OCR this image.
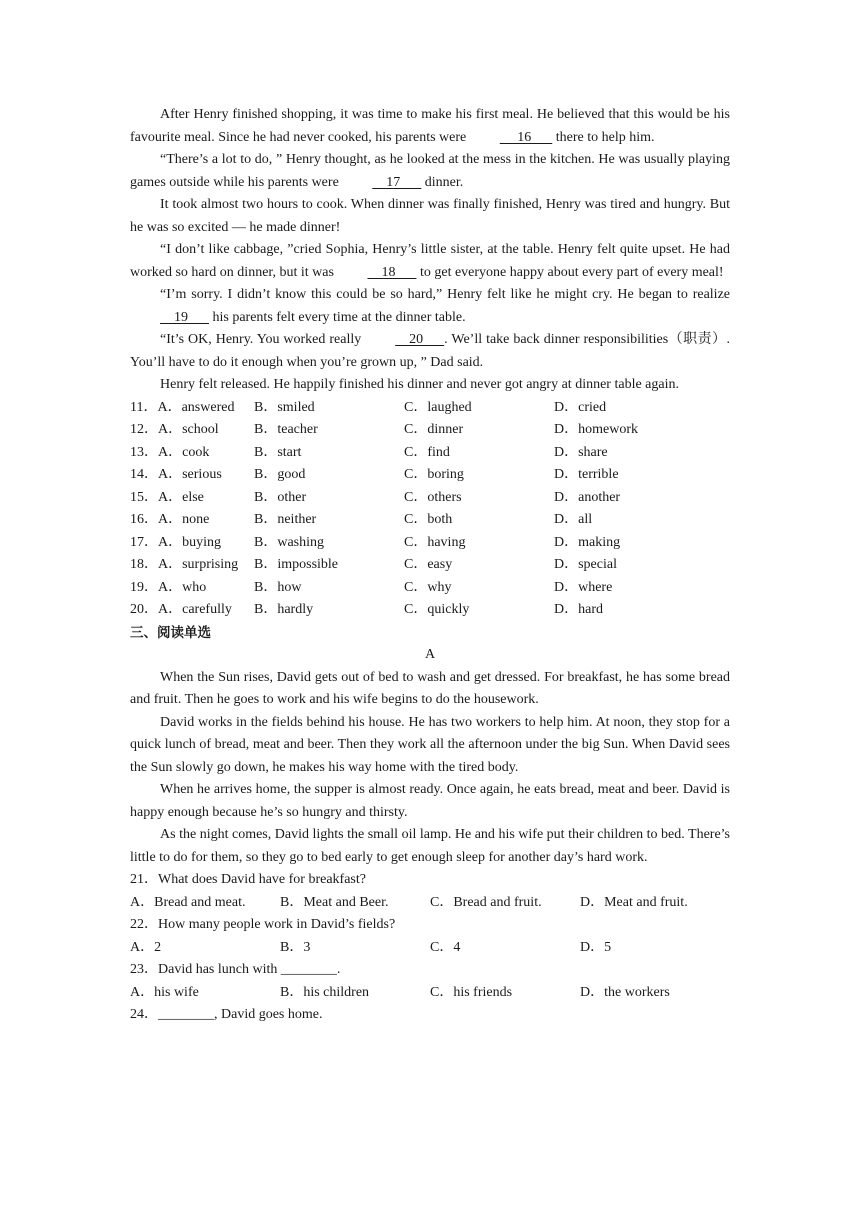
After Henry finished shopping, it was time to make his first meal. He believed that this would be his favourite meal. Since he had never cooked, his parents were      16       there to help him.

“There’s a lot to do, ” Henry thought, as he looked at the mess in the kitchen. He was usually playing games outside while his parents were     17       dinner.

It took almost two hours to cook. When dinner was finally finished, Henry was tired and hungry. But he was so excited — he made dinner!

“I don’t like cabbage, ”cried Sophia, Henry’s little sister, at the table. Henry felt quite upset. He had worked so hard on dinner, but it was     18       to get everyone happy about every part of every meal!

“I’m sorry. I didn’t know this could be so hard,” Henry felt like he might cry. He began to realize     19       his parents felt every time at the dinner table.

“It’s OK, Henry. You worked really     20      . We’ll take back dinner responsibilities（职责）. You’ll have to do it enough when you’re grown up, ” Dad said.

Henry felt released. He happily finished his dinner and never got angry at dinner table again.

11．A．answered	B．smiled	C．laughed	D．cried
12．A．school	B．teacher	C．dinner	D．homework
13．A．cook	B．start	C．find	D．share
14．A．serious	B．good	C．boring	D．terrible
15．A．else	B．other	C．others	D．another
16．A．none	B．neither	C．both	D．all
17．A．buying	B．washing	C．having	D．making
18．A．surprising	B．impossible	C．easy	D．special
19．A．who	B．how	C．why	D．where
20．A．carefully	B．hardly	C．quickly	D．hard

三、阅读单选

A

When the Sun rises, David gets out of bed to wash and get dressed. For breakfast, he has some bread and fruit. Then he goes to work and his wife begins to do the housework.

David works in the fields behind his house. He has two workers to help him. At noon, they stop for a quick lunch of bread, meat and beer. Then they work all the afternoon under the big Sun. When David sees the Sun slowly go down, he makes his way home with the tired body.

When he arrives home, the supper is almost ready. Once again, he eats bread, meat and beer. David is happy enough because he’s so hungry and thirsty.

As the night comes, David lights the small oil lamp. He and his wife put their children to bed. There’s little to do for them, so they go to bed early to get enough sleep for another day’s hard work.

21．What does David have for breakfast?

A．Bread and meat.	B．Meat and Beer.	C．Bread and fruit.	D．Meat and fruit.

22．How many people work in David’s fields?

A．2	B．3	C．4	D．5

23．David has lunch with ________.

A．his wife	B．his children	C．his friends	D．the workers

24．________, David goes home.
